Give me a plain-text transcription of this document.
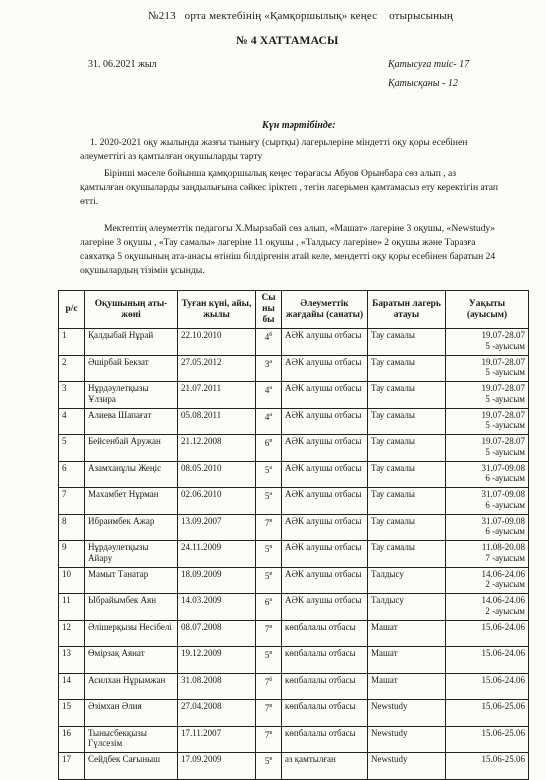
№213 орта мектебінің «Қамқоршылық» кеңес отырысының
№ 4 ХАТТАМАСЫ
31. 06.2021 жыл	Қатысуға тиіс- 17
Қатысқаны - 12
Күн тәртібінде:
1. 2020-2021 оқу жылында жазғы тынығу (сыртқы) лагерьлеріне міндетті оқу қоры есебінен әлеуметтігі аз қамтылған оқушыларды тарту
Бірінші мәселе бойынша қамқоршылық кеңес төрағасы Абуов Орынбара сөз алып , аз қамтылған оқушыларды заңдылығына сәйкес іріктеп , тегін лагерьмен қамтамасыз ету керектігін атап өтті.
Мектептің әлеуметтік педагогы Х.Мырзабай сөз алып, «Машат» лагеріне 3 оқушы, «Newstudy» лагеріне 3 оқушы , «Тау самалы» лагеріне 11 оқушы , «Талдысу лагеріне» 2 оқушы және Таразға саяхатқа 5 оқушының ата-анасы өтініш білдіргенін атай келе, мендетті оқу қоры есебінен баратын 24 оқушылардың тізімін ұсынды.
р/с	Оқушының аты-жөні	Туған күні, айы, жылы	Сы ны бы	Әлеуметтік жағдайы (санаты)	Баратын лагерь атауы	Уақыты (ауысым)
1	Қалдыбай Нұрай	22.10.2010	$4^б$	АӘК алушы отбасы	Тау самалы	19.07-28.07
5 -ауысым

2	Әшірбай Бекзат	27.05.2012	$3^а$	АӘК алушы отбасы	Тау самалы	19.07-28.07
5 -ауысым

3	Нұрдәулетқызы Ұлзира	21.07.2011	$4^а$	АӘК алушы отбасы	Тау самалы	19.07-28.07
5 -ауысым

4	Алиева Шапағат	05.08.2011	$4^а$	АӘК алушы отбасы	Тау самалы	19.07-28.07
5 -ауысым

5	Бейсенбай Аружан	21.12.2008	$6^в$	АӘК алушы отбасы	Тау самалы	19.07-28.07
5 -ауысым

6	Азамханұлы Жеңіс	08.05.2010	$5^а$	АӘК алушы отбасы	Тау самалы	31.07-09.08
6 -ауысым

7	Махамбет Нұрман	02.06.2010	$5^а$	АӘК алушы отбасы	Тау самалы	31.07-09.08
6 -ауысым

8	Ибраимбек Ажар	13.09.2007	$7^в$	АӘК алушы отбасы	Тау самалы	31.07-09.08
6 -ауысым

9	Нұрдәулетқызы Айару	24.11.2009	$5^в$	АӘК алушы отбасы	Тау самалы	11.08-20.08
7 -ауысым

10	Мамыт Танатар	18.09.2009	$5^в$	АӘК алушы отбасы	Талдысу	14.06-24.06
2 -ауысым

11	Ыбрайымбек Аян	14.03.2009	$6^а$	АӘК алушы отбасы	Талдысу	14.06-24.06
2 -ауысым

12	Әлішерқызы Несібелі	08.07.2008	$7^в$	көпбалалы отбасы	Машат	15.06-24.06

13	Өмірзақ Аянат	19.12.2009	$5^в$	көпбалалы отбасы	Машат	15.06-24.06

14	Асилхан Нұрымжан	31.08.2008	$7^б$	көпбалалы отбасы	Машат	15.06-24.06

15	Әзімхан Әлия	27.04.2008	$7^в$	көпбалалы отбасы	Newstudy	15.06-25.06

16	Тынысбекқызы Гүлсезім	17.11.2007	$7^в$	көпбалалы отбасы	Newstudy	15.06-25.06

17	Сейдбек Сағыныш	17.09.2009	$5^в$	аз қамтылған	Newstudy	15.06-25.06
